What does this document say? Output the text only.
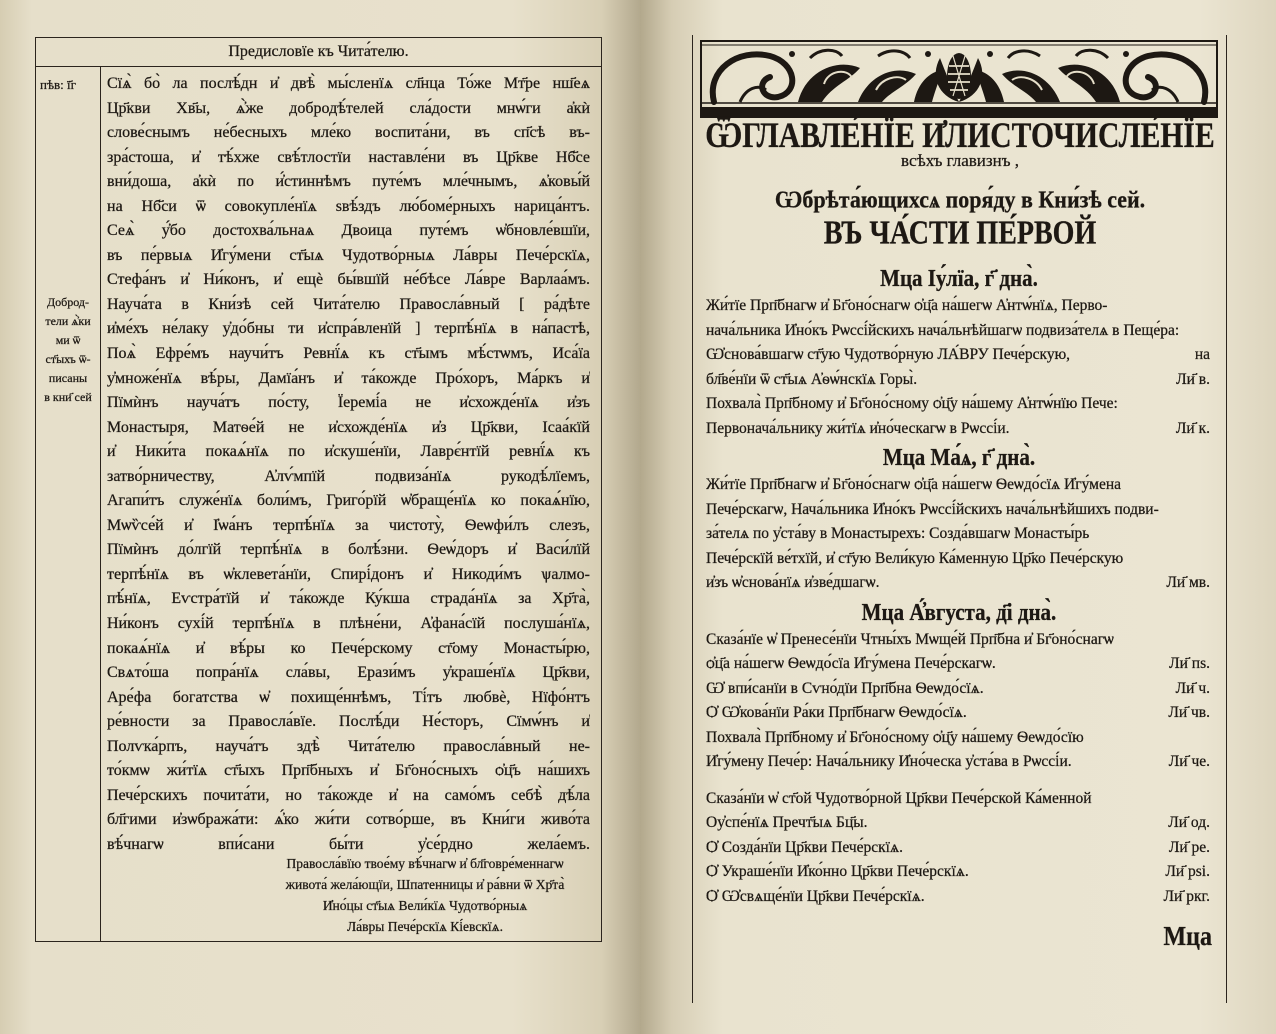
Предисловїе къ Чита́телю.
пѣв: ї҃г
Доброд-
тели ѧ҆̀ки
ми ѿ
ст҃ыхъ ѿ-
писаны
в кни҃ сей
Сїѧ̀ бо̀ ла послѣ́дн и҆ двѣ̀ мы́сленїѧ сл҃нца То́же Мт҃ре нш҃еѧ
Цр҃кви Хв҃ы, ѧ҆̀же добродѣ́телей сла́дости мнѡ́ги а҆кѝ
слове́снымъ не́бесныхъ мле́ко воспита́ни, въ сп҃сѣ въ-
зра́стоша, и҆ тѣ́хже свѣ́тлостїи наставле́ни въ Цр҃кве Нб҃се
вни́доша, а҆кѝ по и҆́стиннѣмъ путе́мъ мле́чнымъ, ѧ҆ковы́й
на Нб҃си ѿ совокупле́нїѧ ѕвѣ́здъ лю́боме́рныхъ нарица́нтъ.
Сеѧ̀ у҆́бо достохва́льнаѧ Двоица путе́мъ ѡ҆бновле́вшїи,
въ пе́рвыѧ И҆гу́мени ст҃ыѧ Чудотво́рныѧ Ла́вры Пече́рскїѧ,
Стефа́нъ и҆ Ни́конъ, и҆ ещѐ бы́вшїй не́бѣсе Ла́вре Варлаа́мъ.
Науча́та в Кни́зѣ сей Чита́телю Правосла́вный [ ра́дѣте
и҆ме́хъ не́лаку у҆до́бны ти и҆спра́вленїй ] терпѣ́нїѧ в на́пастѣ,
Поѧ̀ Ефре́мъ научи́тъ Ревнї́ѧ къ ст҃ымъ мѣ́стѡмъ, Иса́їа
у҆множе́нїѧ вѣ́ры, Дамїа́нъ и҆ та́кожде Про́хоръ, Ма́ркъ и҆
Пїмѝнъ науча́тъ по́сту, Їеремі́а не и҆схожде́нїѧ и҆зъ
Монастыря, Матѳе́й не и҆схожде́нїѧ и҆з Цр҃кви, Ісаа́кїй
и҆ Ники́та покаѧ́нїѧ по и҆скуше́нїи, Лаврє́нтїй ревнї́ѧ къ
затво́рничеству, А҆лѵ́мпїй подвиза́нїѧ рукодѣ́лїемъ,
Агапи́тъ служе́нїѧ боли́мъ, Григо́рїй ѡ҆браще́нїѧ ко покаѧ́нїю,
Мѡѷсе́й и҆ І҆ѡа́нъ терпѣ́нїѧ за чистоту̀, Ѳеѡфи́лъ слезъ,
Пїмѝнъ до́лгїй терпѣ́нїѧ в болѣ́зни. Ѳеѡ́доръ и҆ Васи́лїй
терпѣ́нїѧ въ ѡ҆клевета́нїи, Спирі́донъ и҆ Никоди́мъ ѱалмо-
пѣ́нїѧ, Еѵстра́тїй и҆ та́кожде Ку́кша страда́нїѧ за Хр҃та̀,
Ни́конъ сухі́й терпѣ́нїѧ в плѣне́ни, А҆фана́сїй послуша́нїѧ,
покаѧ́нїѧ и҆ вѣ́ры ко Пече́рскому ст҃ому Монасты́рю,
Свѧто́ша попра́нїѧ сла́вы, Ерази́мъ у҆краше́нїѧ Цр҃кви,
Аре́фа богатства ѡ҆ похище́ннѣмъ, Ті́тъ любвѐ, Нїфо́нтъ
ре́вности за Правосла́вїе. Послѣ́ди Не́сторъ, Сїмѡ́нъ и҆
Полѵка́рпъ, науча́тъ здѣ̀ Чита́телю правосла́вный не-
то́кмѡ жи́тїѧ ст҃ыхъ Прп҃бныхъ и҆ Бг҃оно́сныхъ ѻ҆ц҃ъ на́шихъ
Пече́рскихъ почита́ти, но та́кожде и҆ на само́мъ себѣ̀ дѣ́ла
бл҃гими и҆зѡбража́ти: ѧ҆́ко жи́ти сотво́рше, въ Кни́ги живо́та
вѣ́чнагѡ впи́сани бы́ти у҆се́рдно жела́емъ.
Правосла́вїю твое́му вѣ́чнагѡ и҆ бл҃говре́меннагѡ
живота́ жела́ющїи, Шпатенницы и҆ ра́вни ѿ Хр҃та̀
И҆но́цы ст҃ыѧ Вели́кїѧ Чудотво́рныѧ
Ла́вры Пече́рскїѧ Кі́евскїѧ.
ѾГЛАВЛЕ́НЇЕ И҆ЛИСТОЧИСЛЕ́НЇЕ
всѣхъ главизнъ ,
Ѡбрѣта́ющихсѧ поря́ду в Кни́зѣ сей.
ВЪ ЧА́СТИ ПЕ́РВОЙ
Мца Іу́лїа, г҃ дна̀.
Жи́тїе Прп҃бнагѡ и҆ Бг҃оно́снагѡ ѻ҆ц҃а на́шегѡ А҆нтѡ́нїѧ, Перво-
нача́льника И҆но́къ Рѡссі́йскихъ нача́льнѣйшагѡ подвиза́телѧ в Пеще́ра:
Ѡ҆снова́вшагѡ ст҃ую Чудотво́рную ЛА́ВРУ Пече́рскую,	на
бл҃ве́нїи ѿ ст҃ыѧ А҆ѳѡ́нскїѧ Горы̀.	Ли҃ в.
Похвала̀ Прп҃бному и҆ Бг҃оно́сному ѻ҆ц҃у на́шему А҆нтѡ́нїю Пече:
Первонача́льнику жи́тїѧ и҆но́ческагѡ в Рѡссі́и.	Ли҃ к.
Мца Ма́ѧ, г҃ дна̀.
Жи́тїе Прп҃бнагѡ и҆ Бг҃оно́снагѡ ѻ҆ц҃а на́шегѡ Ѳеѡдо́сїѧ И҆гу́мена
Пече́рскагѡ, Нача́льника И҆но́къ Рѡссі́йскихъ нача́льнѣйшихъ подви-
за́телѧ по у҆ста́ву в Монастырехъ: Созда́вшагѡ Монасты́рь
Пече́рскїй ве́тхїй, и҆ ст҃ую Вели́кую Ка́менную Цр҃ко Пече́рскую
и҆зъ ѡ҆снова́нїѧ и҆зве́дшагѡ.	Ли҃ мв.
Мца А҆́вгуста, д҃і дна̀.
Сказа́нїе ѡ҆ Пренесе́нїи Чтны́хъ Мѡще́й Прп҃бна и҆ Бг҃оно́снагѡ
ѻ҆ц҃а на́шегѡ Ѳеѡдо́сїа И҆гу́мена Пече́рскагѡ.	Ли҃ пѕ.
Ѡ҆ впи́санїи в Сѵно́дїи Прп҃бна Ѳеѡдо́сїѧ.	Ли҃ ч.
Ѻ҆ Ѡ҆кова́нїи Ра́ки Прп҃бнагѡ Ѳеѡдо́сїѧ.	Ли҃ чв.
Похвала̀ Прп҃бному и҆ Бг҃оно́сному ѻ҆ц҃у на́шему Ѳеѡдо́сїю
И҆гу́мену Пече́р: Нача́льнику И҆но́ческа у҆ста́ва в Рѡссі́и.	Ли҃ че.
Сказа́нїи ѡ҆ ст҃ой Чудотво́рной Цр҃кви Пече́рской Ка́менной
Оу҆спе́нїѧ Пречт҃ыѧ Бц҃ы.	Ли҃ од.
Ѻ҆ Созда́нїи Цр҃кви Пече́рскїѧ.	Ли҃ ре.
Ѻ҆ Украше́нїи И҆ко́нно Цр҃кви Пече́рскїѧ.	Ли҃ рѕі.
Ѻ҆ Ѡ҆свѧще́нїи Цр҃кви Пече́рскїѧ.	Ли҃ ркг.
Мца
